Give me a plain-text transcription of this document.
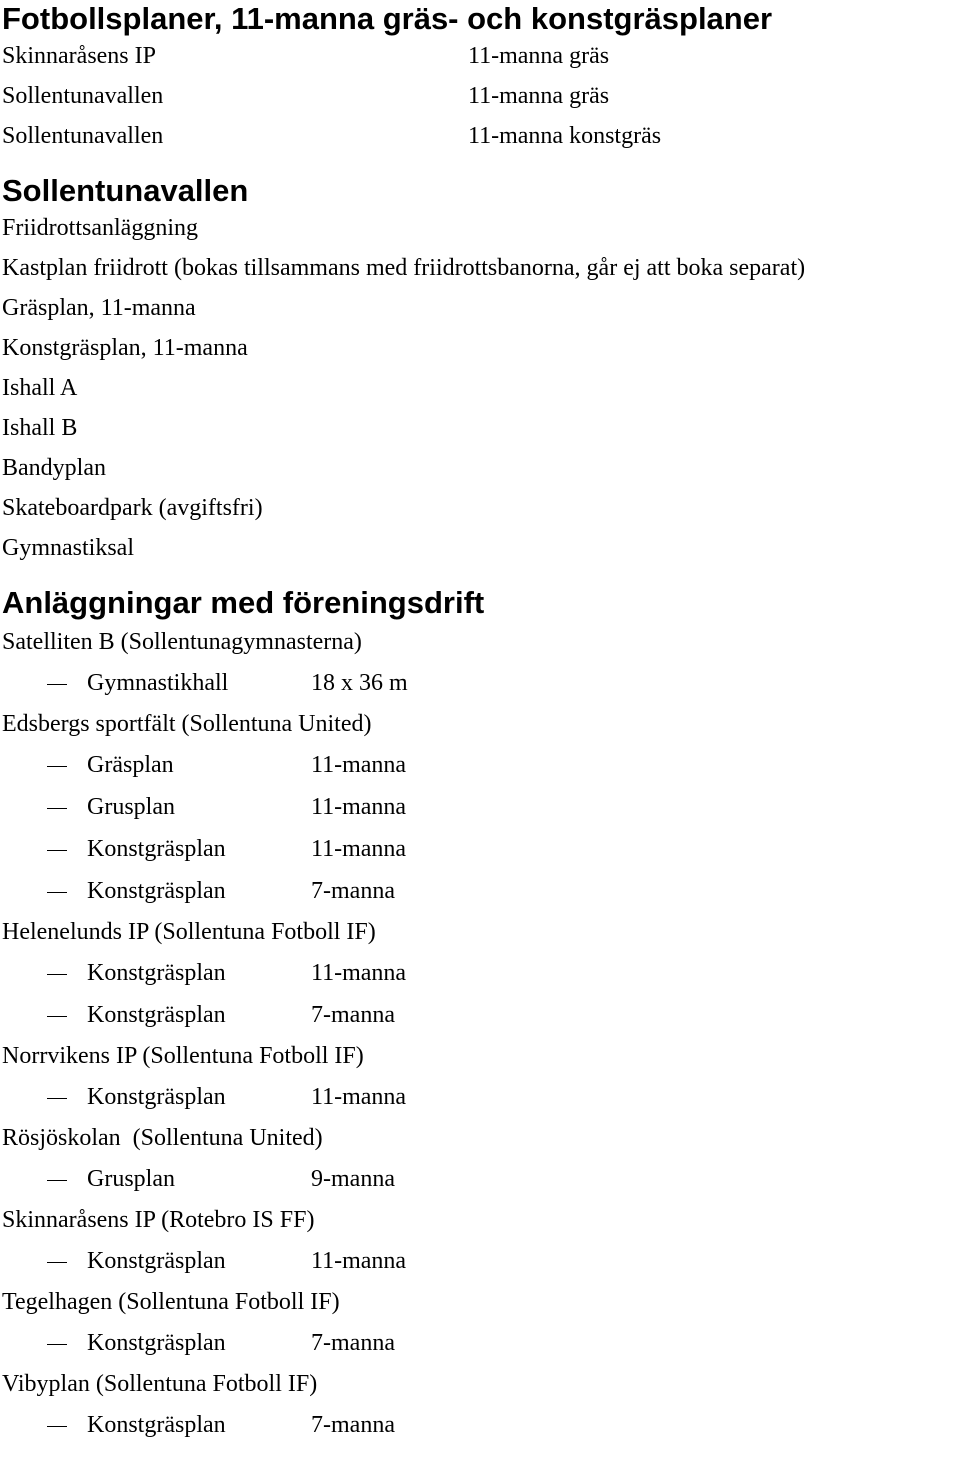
Fotbollsplaner, 11-manna gräs- och konstgräsplaner
Skinnaråsens IP	11-manna gräs
Sollentunavallen	11-manna gräs
Sollentunavallen	11-manna konstgräs
Sollentunavallen
Friidrottsanläggning
Kastplan friidrott (bokas tillsammans med friidrottsbanorna, går ej att boka separat)
Gräsplan, 11-manna
Konstgräsplan, 11-manna
Ishall A
Ishall B
Bandyplan
Skateboardpark (avgiftsfri)
Gymnastiksal
Anläggningar med föreningsdrift
Satelliten B (Sollentunagymnasterna)
Gymnastikhall	18 x 36 m
Edsbergs sportfält (Sollentuna United)
Gräsplan	11-manna
Grusplan	11-manna
Konstgräsplan	11-manna
Konstgräsplan	7-manna
Helenelunds IP (Sollentuna Fotboll IF)
Konstgräsplan	11-manna
Konstgräsplan	7-manna
Norrvikens IP (Sollentuna Fotboll IF)
Konstgräsplan	11-manna
Rösjöskolan  (Sollentuna United)
Grusplan	9-manna
Skinnaråsens IP (Rotebro IS FF)
Konstgräsplan	11-manna
Tegelhagen (Sollentuna Fotboll IF)
Konstgräsplan	7-manna
Vibyplan (Sollentuna Fotboll IF)
Konstgräsplan	7-manna
